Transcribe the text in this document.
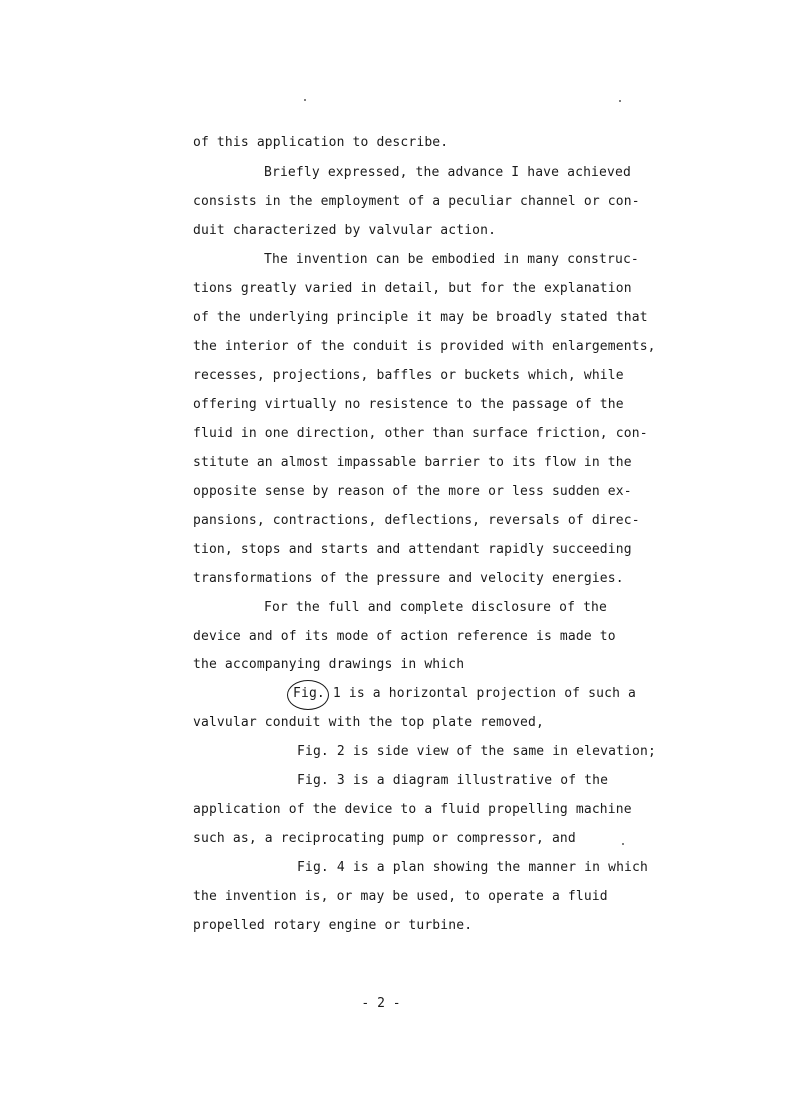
of this application to describe.
Briefly expressed, the advance I have achieved
consists in the employment of a peculiar channel or con-
duit characterized by valvular action.
The invention can be embodied in many construc-
tions greatly varied in detail, but for the explanation
of the underlying principle it may be broadly stated that
the interior of the conduit is provided with enlargements,
recesses, projections, baffles or buckets which, while
offering virtually no resistence to the passage of the
fluid in one direction, other than surface friction, con-
stitute an almost impassable barrier to its flow in the
opposite sense by reason of the more or less sudden ex-
pansions, contractions, deflections, reversals of direc-
tion, stops and starts and attendant rapidly succeeding
transformations of the pressure and velocity energies.
For the full and complete disclosure of the
device and of its mode of action reference is made to
the accompanying drawings in which
Fig. 1 is a horizontal projection of such a
valvular conduit with the top plate removed,
Fig. 2 is side view of the same in elevation;
Fig. 3 is a diagram illustrative of the
application of the device to a fluid propelling machine
such as, a reciprocating pump or compressor, and
Fig. 4 is a plan showing the manner in which
the invention is, or may be used, to operate a fluid
propelled rotary engine or turbine.
- 2 -
